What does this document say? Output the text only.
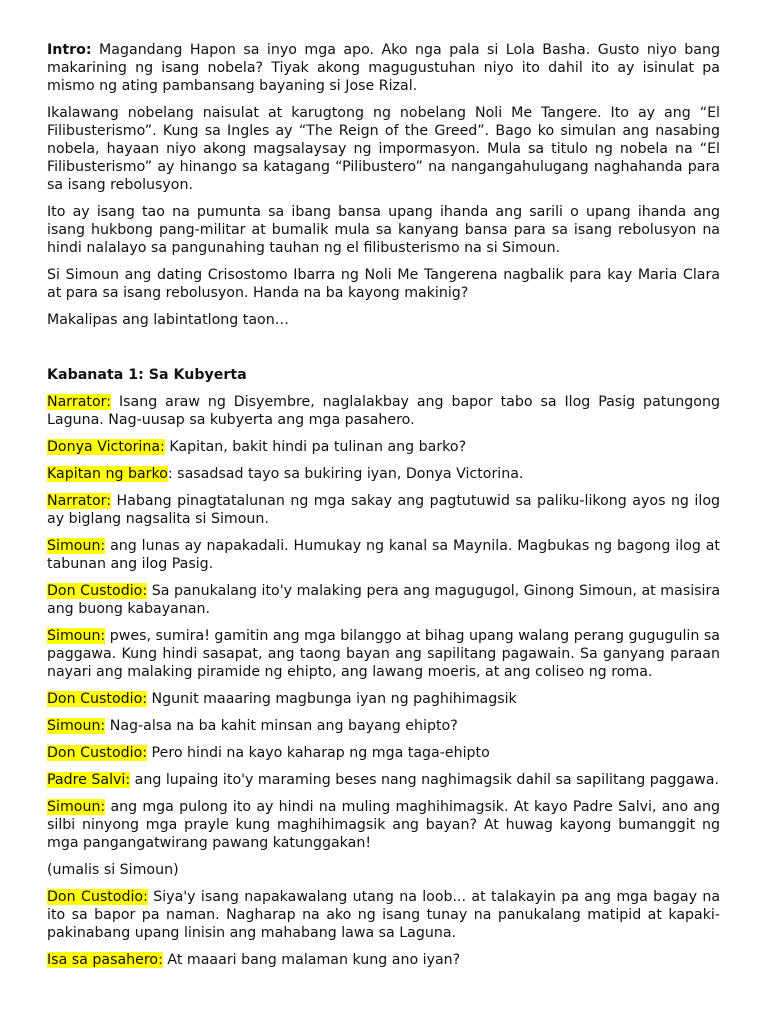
Intro: Magandang Hapon sa inyo mga apo. Ako nga pala si Lola Basha. Gusto niyo bang makarining ng isang nobela? Tiyak akong magugustuhan niyo ito dahil ito ay isinulat pa mismo ng ating pambansang bayaning si Jose Rizal.

Ikalawang nobelang naisulat at karugtong ng nobelang Noli Me Tangere. Ito ay ang “El Filibusterismo”. Kung sa Ingles ay “The Reign of the Greed”. Bago ko simulan ang nasabing nobela, hayaan niyo akong magsalaysay ng impormasyon. Mula sa titulo ng nobela na “El Filibusterismo” ay hinango sa katagang “Pilibustero” na nangangahulugang naghahanda para sa isang rebolusyon.

Ito ay isang tao na pumunta sa ibang bansa upang ihanda ang sarili o upang ihanda ang isang hukbong pang-militar at bumalik mula sa kanyang bansa para sa isang rebolusyon na hindi nalalayo sa pangunahing tauhan ng el filibusterismo na si Simoun.

Si Simoun ang dating Crisostomo Ibarra ng Noli Me Tangerena nagbalik para kay Maria Clara at para sa isang rebolusyon. Handa na ba kayong makinig?

Makalipas ang labintatlong taon…

Kabanata 1: Sa Kubyerta

Narrator: Isang araw ng Disyembre, naglalakbay ang bapor tabo sa Ilog Pasig patungong Laguna. Nag-uusap sa kubyerta ang mga pasahero.

Donya Victorina: Kapitan, bakit hindi pa tulinan ang barko?

Kapitan ng barko: sasadsad tayo sa bukiring iyan, Donya Victorina.

Narrator: Habang pinagtatalunan ng mga sakay ang pagtutuwid sa paliku-likong ayos ng ilog ay biglang nagsalita si Simoun.

Simoun: ang lunas ay napakadali. Humukay ng kanal sa Maynila. Magbukas ng bagong ilog at tabunan ang ilog Pasig.

Don Custodio: Sa panukalang ito'y malaking pera ang magugugol, Ginong Simoun, at masisira ang buong kabayanan.

Simoun: pwes, sumira! gamitin ang mga bilanggo at bihag upang walang perang gugugulin sa paggawa. Kung hindi sasapat, ang taong bayan ang sapilitang pagawain. Sa ganyang paraan nayari ang malaking piramide ng ehipto, ang lawang moeris, at ang coliseo ng roma.

Don Custodio: Ngunit maaaring magbunga iyan ng paghihimagsik

Simoun: Nag-alsa na ba kahit minsan ang bayang ehipto?

Don Custodio: Pero hindi na kayo kaharap ng mga taga-ehipto

Padre Salvi: ang lupaing ito'y maraming beses nang naghimagsik dahil sa sapilitang paggawa.

Simoun: ang mga pulong ito ay hindi na muling maghihimagsik. At kayo Padre Salvi, ano ang silbi ninyong mga prayle kung maghihimagsik ang bayan? At huwag kayong bumanggit ng mga pangangatwirang pawang katunggakan!

(umalis si Simoun)

Don Custodio: Siya'y isang napakawalang utang na loob... at talakayin pa ang mga bagay na ito sa bapor pa naman. Nagharap na ako ng isang tunay na panukalang matipid at kapaki-pakinabang upang linisin ang mahabang lawa sa Laguna.

Isa sa pasahero: At maaari bang malaman kung ano iyan?
